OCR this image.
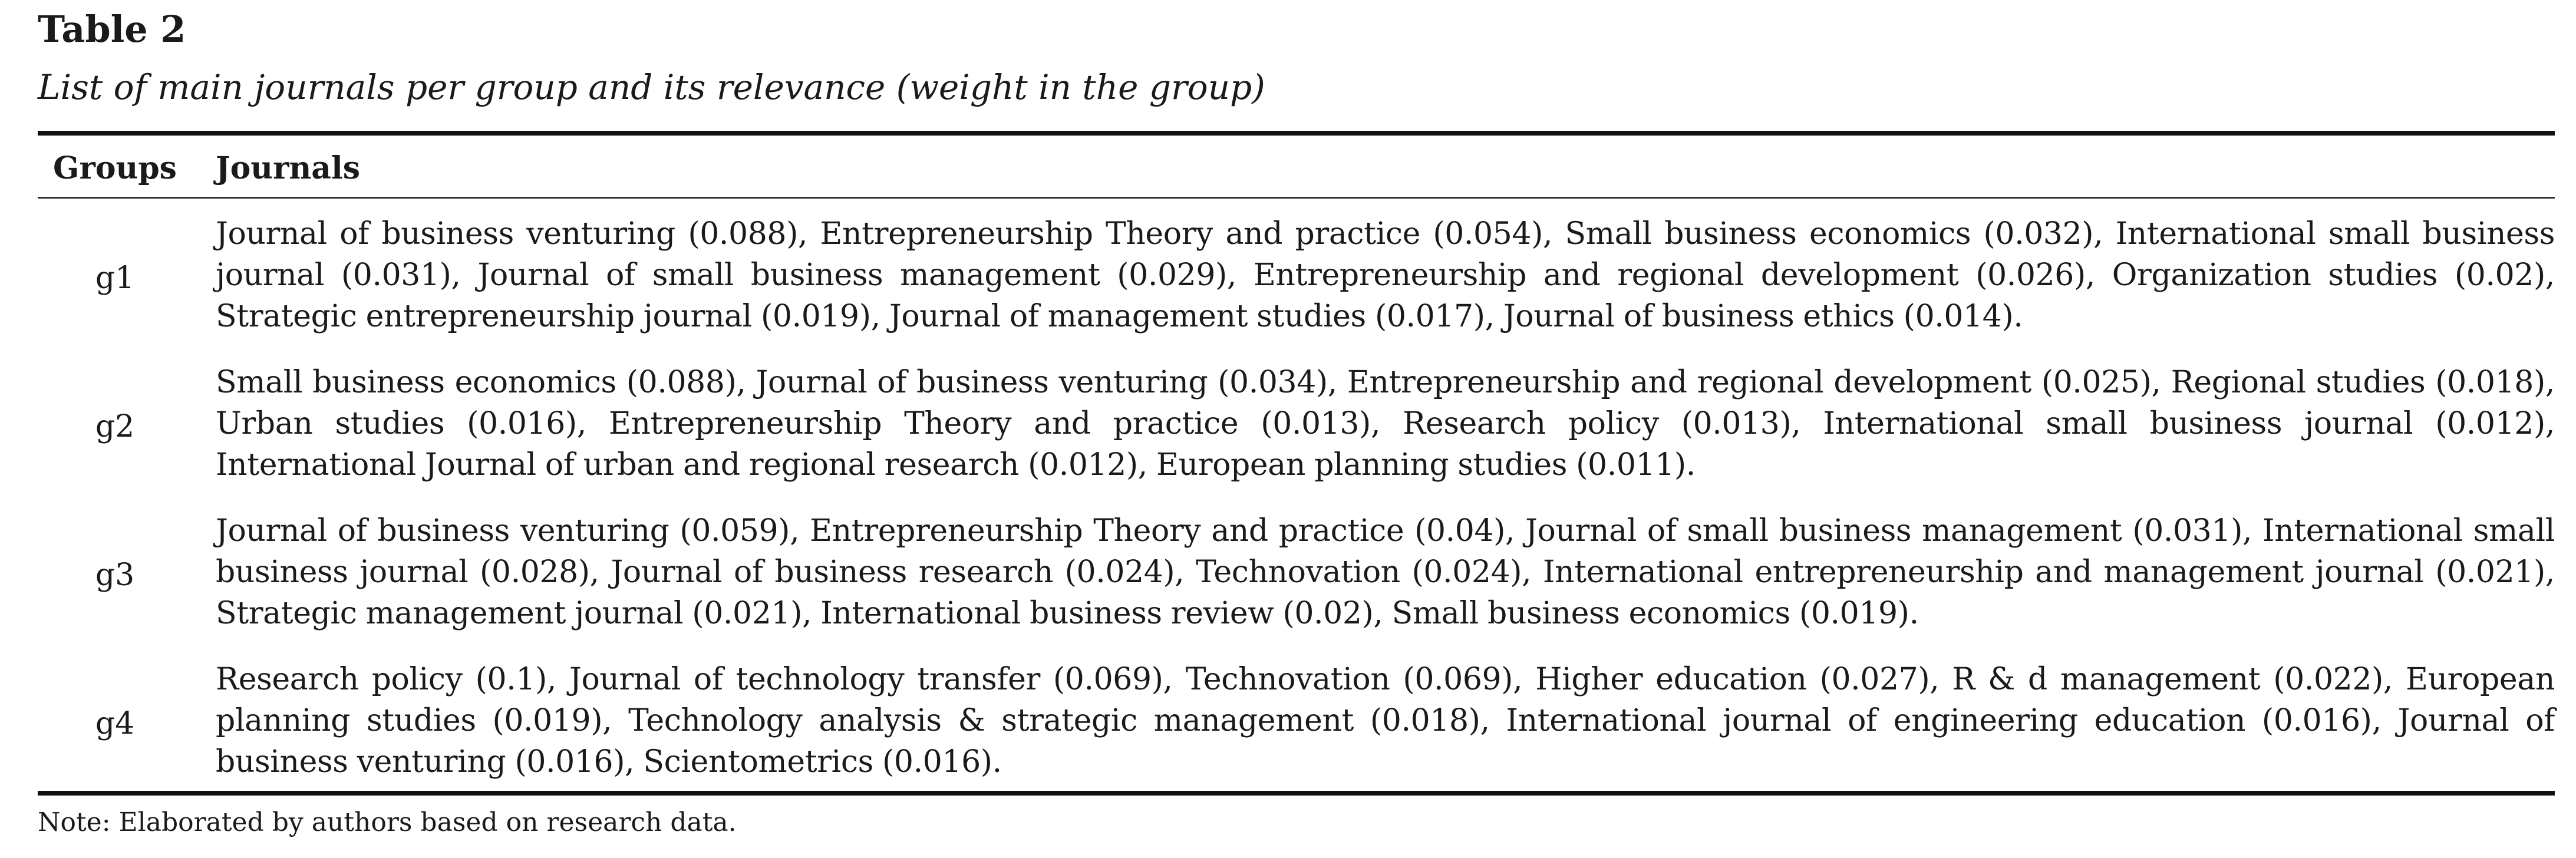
Table 2
List of main journals per group and its relevance (weight in the group)
Groups	Journals
g1
Journal of business venturing (0.088), Entrepreneurship Theory and practice (0.054), Small business economics (0.032), International small business journal (0.031), Journal of small business management (0.029), Entrepreneurship and regional development (0.026), Organization studies (0.02), Strategic entrepreneurship journal (0.019), Journal of management studies (0.017), Journal of business ethics (0.014).
g2
Small business economics (0.088), Journal of business venturing (0.034), Entrepreneurship and regional development (0.025), Regional studies (0.018), Urban studies (0.016), Entrepreneurship Theory and practice (0.013), Research policy (0.013), International small business journal (0.012), International Journal of urban and regional research (0.012), European planning studies (0.011).
g3
Journal of business venturing (0.059), Entrepreneurship Theory and practice (0.04), Journal of small business management (0.031), International small business journal (0.028), Journal of business research (0.024), Technovation (0.024), International entrepreneurship and management journal (0.021), Strategic management journal (0.021), International business review (0.02), Small business economics (0.019).
g4
Research policy (0.1), Journal of technology transfer (0.069), Technovation (0.069), Higher education (0.027), R & d management (0.022), European planning studies (0.019), Technology analysis & strategic management (0.018), International journal of engineering education (0.016), Journal of business venturing (0.016), Scientometrics (0.016).
Note: Elaborated by authors based on research data.
